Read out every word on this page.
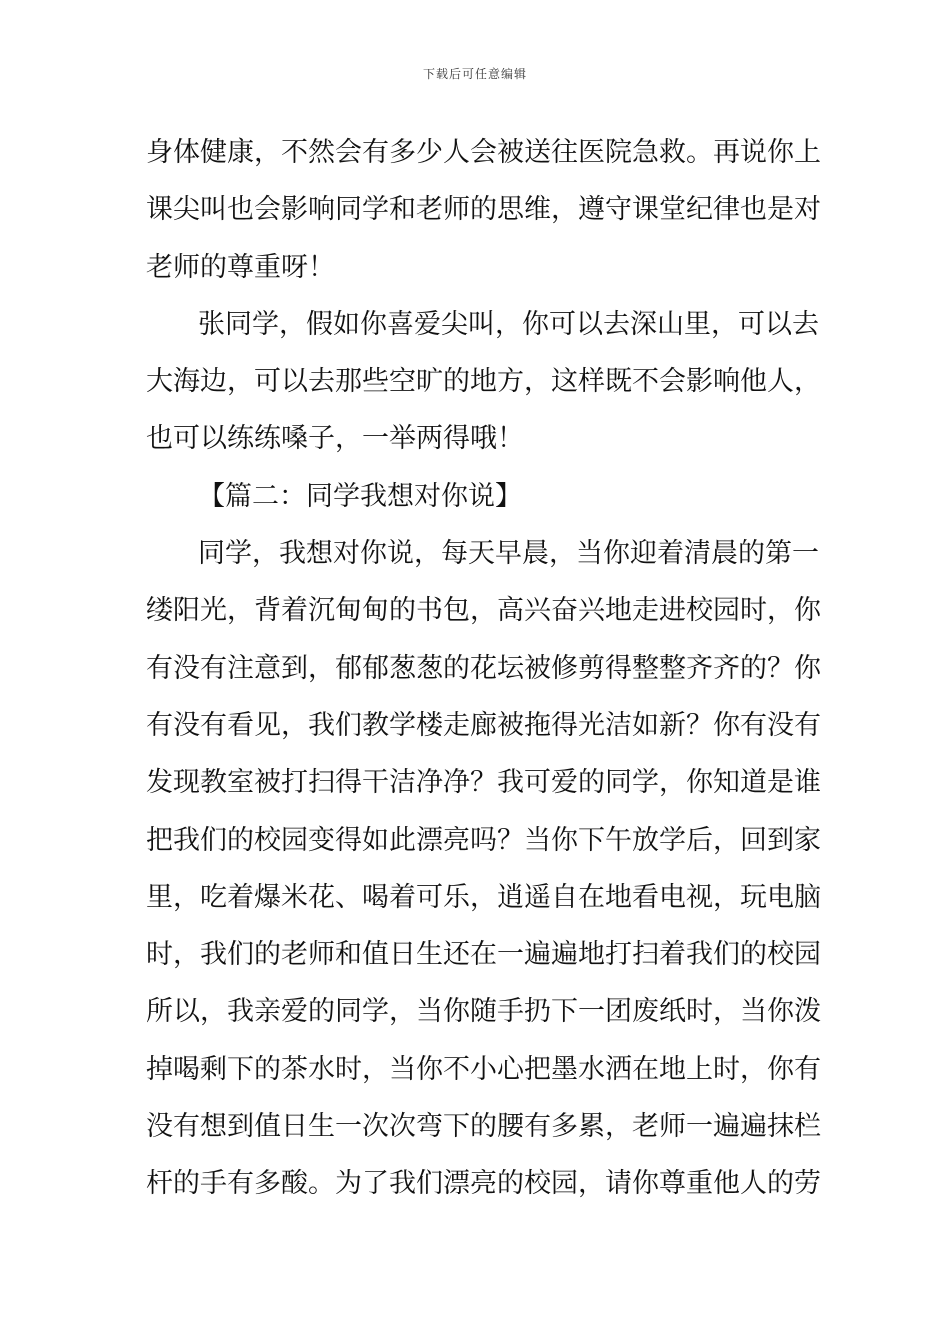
下载后可任意编辑
身体健康，不然会有多少人会被送往医院急救。再说你上
课尖叫也会影响同学和老师的思维，遵守课堂纪律也是对
老师的尊重呀！
张同学，假如你喜爱尖叫，你可以去深山里，可以去
大海边，可以去那些空旷的地方，这样既不会影响他人，
也可以练练嗓子，一举两得哦！
【篇二：同学我想对你说】
同学，我想对你说，每天早晨，当你迎着清晨的第一
缕阳光，背着沉甸甸的书包，高兴奋兴地走进校园时，你
有没有注意到，郁郁葱葱的花坛被修剪得整整齐齐的？你
有没有看见，我们教学楼走廊被拖得光洁如新？你有没有
发现教室被打扫得干洁净净？我可爱的同学，你知道是谁
把我们的校园变得如此漂亮吗？当你下午放学后，回到家
里，吃着爆米花、喝着可乐，逍遥自在地看电视，玩电脑
时，我们的老师和值日生还在一遍遍地打扫着我们的校园
所以，我亲爱的同学，当你随手扔下一团废纸时，当你泼
掉喝剩下的茶水时，当你不小心把墨水洒在地上时，你有
没有想到值日生一次次弯下的腰有多累，老师一遍遍抹栏
杆的手有多酸。为了我们漂亮的校园，请你尊重他人的劳
